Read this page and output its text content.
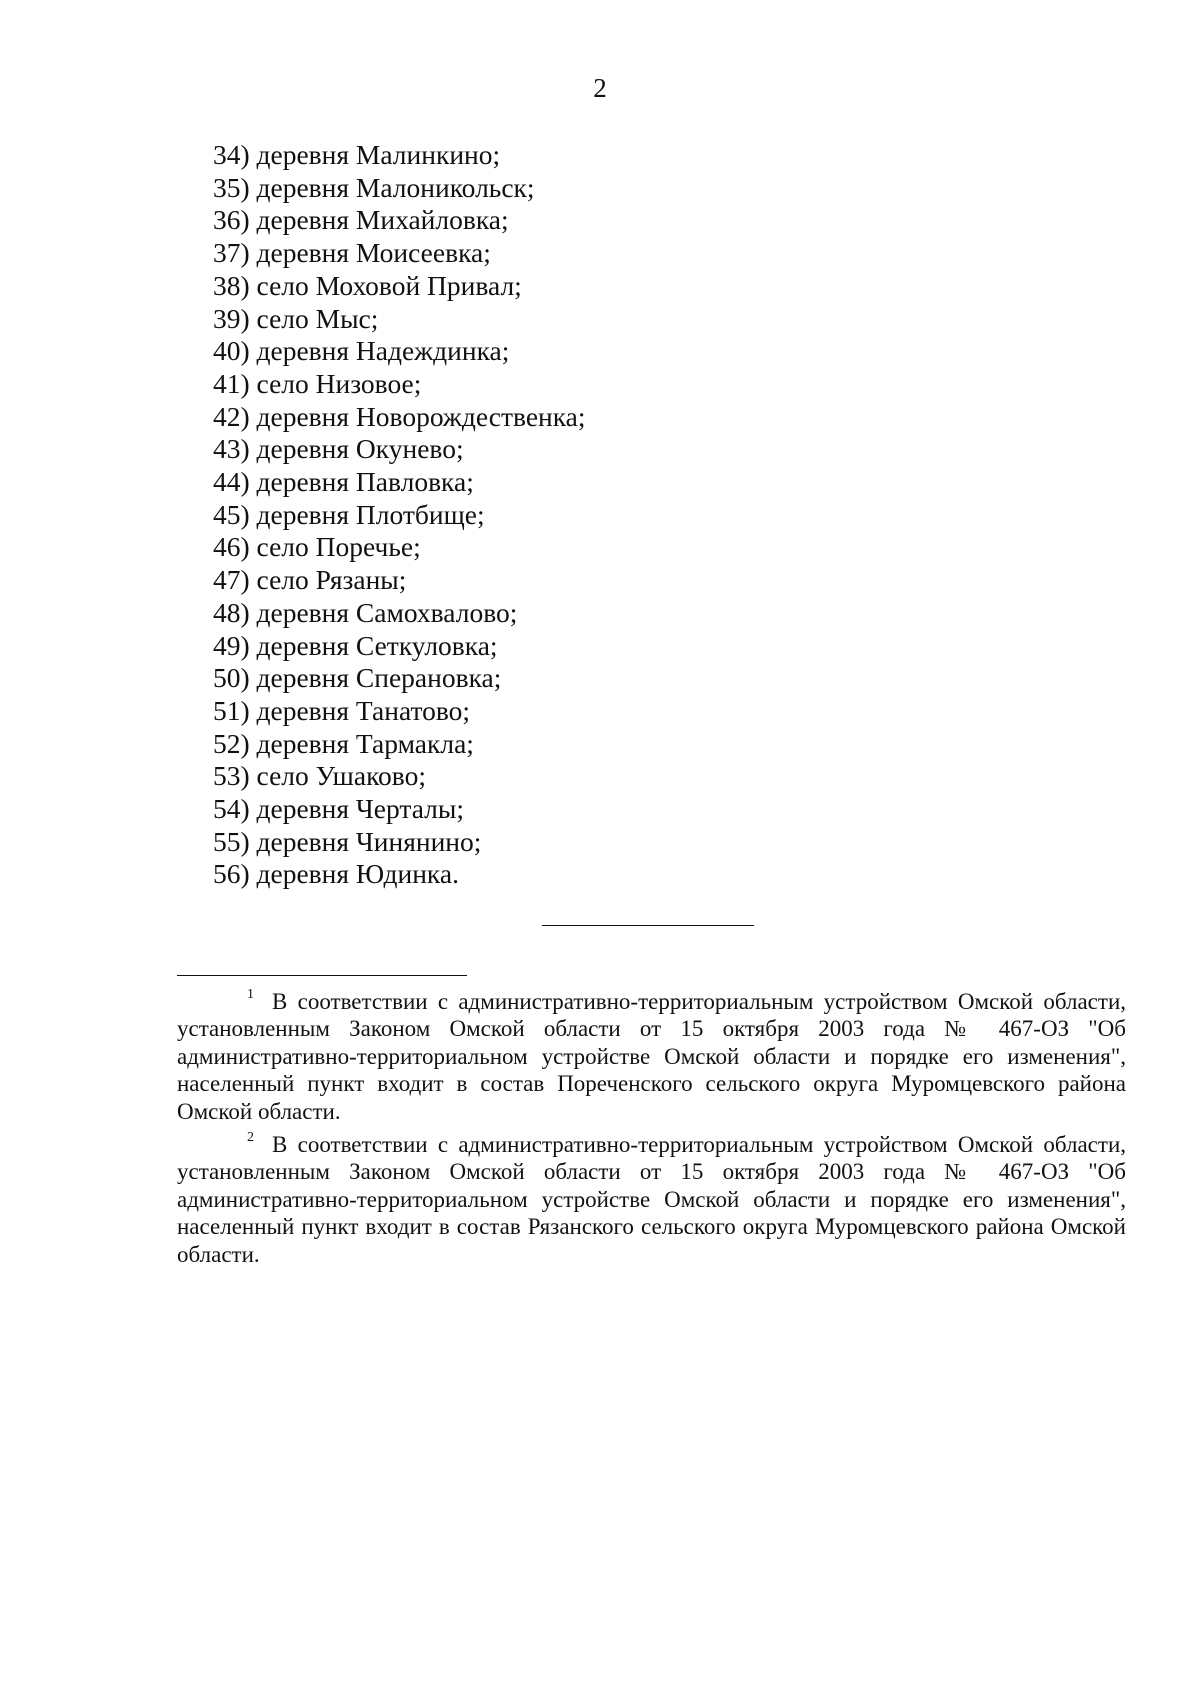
2
34) деревня Малинкино;
35) деревня Малоникольск;
36) деревня Михайловка;
37) деревня Моисеевка;
38) село Моховой Привал;
39) село Мыс;
40) деревня Надеждинка;
41) село Низовое;
42) деревня Новорождественка;
43) деревня Окунево;
44) деревня Павловка;
45) деревня Плотбище;
46) село Поречье;
47) село Рязаны;
48) деревня Самохвалово;
49) деревня Сеткуловка;
50) деревня Сперановка;
51) деревня Танатово;
52) деревня Тармакла;
53) село Ушаково;
54) деревня Черталы;
55) деревня Чинянино;
56) деревня Юдинка.

$^1$ В соответствии с административно-территориальным устройством Омской области, установленным Законом Омской области от 15 октября 2003 года № 467-ОЗ "Об административно-территориальном устройстве Омской области и порядке его изменения", населенный пункт входит в состав Пореченского сельского округа Муромцевского района Омской области.

$^2$ В соответствии с административно-территориальным устройством Омской области, установленным Законом Омской области от 15 октября 2003 года № 467-ОЗ "Об административно-территориальном устройстве Омской области и порядке его изменения", населенный пункт входит в состав Рязанского сельского округа Муромцевского района Омской области.
